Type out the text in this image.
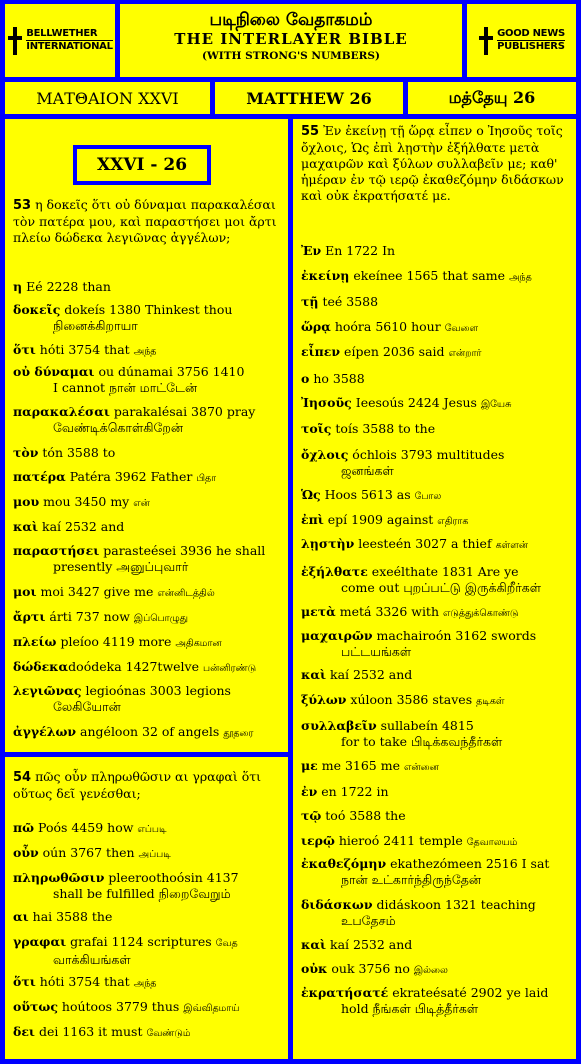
BELLWETHER
INTERNATIONAL
படிநிலை வேதாகமம்
THE INTERLAYER BIBLE
(WITH STRONG'S NUMBERS)
GOOD NEWS
PUBLISHERS
ΜΑΤΘΑΙΟΝ XXVI	MATTHEW 26	மத்தேயு 26
XXVI - 26
53 η δοκεῖς ὅτι οὐ δύναμαι παρακαλέσαι τὸν πατέρα μου, καὶ παραστήσει μοι ἄρτι πλείω δώδεκα λεγιῶνας ἀγγέλων;
η Eé 2228 than
δοκεῖς dokeís 1380 Thinkest thou
நினைக்கிறாயா
ὅτι hóti 3754 that அந்த
οὐ δύναμαι ou dúnamai 3756 1410
I cannot நான் மாட்டேன்
παρακαλέσαι parakalésai 3870 pray
வேண்டிக்கொள்கிறேன்
τὸν tón 3588 to
πατέρα Patéra 3962 Father பிதா
μου mou 3450 my என்
καὶ kaí 2532 and
παραστήσει parasteései 3936 he shall
presently அனுப்புவார்
μοι moi 3427 give me என்னிடத்தில்
ἄρτι árti 737 now இப்பொழுது
πλείω pleíoo 4119 more அதிகமான
δώδεκαdoódeka 1427twelve பன்னிரண்டு
λεγιῶνας legioónas 3003 legions
லேகியோன்
ἀγγέλων angéloon 32 of angels தூதரை
54 πῶς οὖν πληρωθῶσιν αι γραφαὶ ὅτι οὕτως δεῖ γενέσθαι;
πῶ Poós 4459 how எப்படி
οὖν oún 3767 then அப்படி
πληρωθῶσιν pleeroothoósin 4137
shall be fulfilled நிறைவேறும்
αι hai 3588 the
γραφαι grafai 1124 scriptures வேத
வாக்கியங்கள்
ὅτι hóti 3754 that அந்த
οὕτως hoútoos 3779 thus இவ்விதமாய்
δει dei 1163 it must வேண்டும்
55 Ἐν ἐκείνῃ τῇ ὥρᾳ εἶπεν ο Ἰησοῦς τοῖς ὄχλοις, Ὡς ἐπὶ λῃστὴν ἐξήλθατε μετὰ μαχαιρῶν καὶ ξύλων συλλαβεῖν με; καθ' ἡμέραν ἐν τῷ ιερῷ ἐκαθεζόμην διδάσκων καὶ οὐκ ἐκρατήσατέ με.
Ἐν En 1722 In
ἐκείνῃ ekeínee 1565 that same அந்த
τῇ teé 3588
ὥρᾳ hoóra 5610 hour வேளை
εἶπεν eípen 2036 said என்றார்
ο ho 3588
Ἰησοῦς Ieesoús 2424 Jesus இயேசு
τοῖς toís 3588 to the
ὄχλοις óchlois 3793 multitudes
ஜனங்கள்
Ὡς Hoos 5613 as போல
ἐπὶ epí 1909 against எதிராக
λῃστὴν leesteén 3027 a thief கள்ளன்
ἐξήλθατε exeélthate 1831 Are ye
come out புறப்பட்டு இருக்கிறீர்கள்
μετὰ metá 3326 with எடுத்துக்கொண்டு
μαχαιρῶν machairoón 3162 swords
பட்டயங்கள்
καὶ kaí 2532 and
ξύλων xúloon 3586 staves தடிகள்
συλλαβεῖν sullabeín 4815
for to take பிடிக்கவந்தீர்கள்
με me 3165 me என்னை
ἐν en 1722 in
τῷ toó 3588 the
ιερῷ hieroó 2411 temple தேவாலயம்
ἐκαθεζόμην ekathezómeen 2516 I sat
நான் உட்கார்ந்திருந்தேன்
διδάσκων didáskoon 1321 teaching
உபதேசம்
καὶ kaí 2532 and
οὐκ ouk 3756 no இல்லை
ἐκρατήσατέ ekrateésaté 2902 ye laid
hold நீங்கள் பிடித்தீர்கள்
